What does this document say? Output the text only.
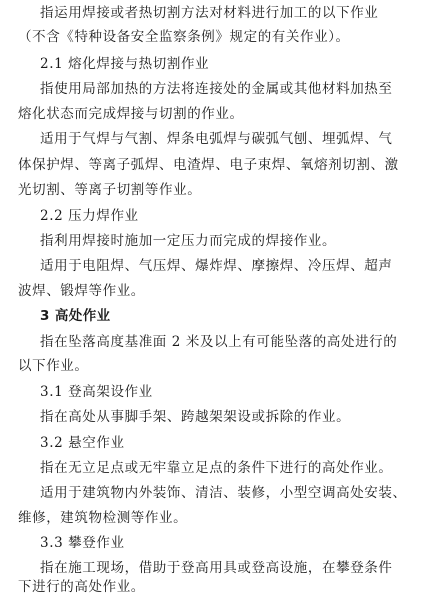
指运用焊接或者热切割方法对材料进行加工的以下作业
（不含《特种设备安全监察条例》规定的有关作业）。
2.1 熔化焊接与热切割作业
指使用局部加热的方法将连接处的金属或其他材料加热至
熔化状态而完成焊接与切割的作业。
适用于气焊与气割、焊条电弧焊与碳弧气刨、埋弧焊、气
体保护焊、等离子弧焊、电渣焊、电子束焊、氧熔剂切割、激
光切割、等离子切割等作业。
2.2 压力焊作业
指利用焊接时施加一定压力而完成的焊接作业。
适用于电阻焊、气压焊、爆炸焊、摩擦焊、冷压焊、超声
波焊、锻焊等作业。
3 高处作业
指在坠落高度基准面 2 米及以上有可能坠落的高处进行的
以下作业。
3.1 登高架设作业
指在高处从事脚手架、跨越架架设或拆除的作业。
3.2 悬空作业
指在无立足点或无牢靠立足点的条件下进行的高处作业。
适用于建筑物内外装饰、清洁、装修，小型空调高处安装、
维修，建筑物检测等作业。
3.3 攀登作业
指在施工现场，借助于登高用具或登高设施，在攀登条件
下进行的高处作业。
